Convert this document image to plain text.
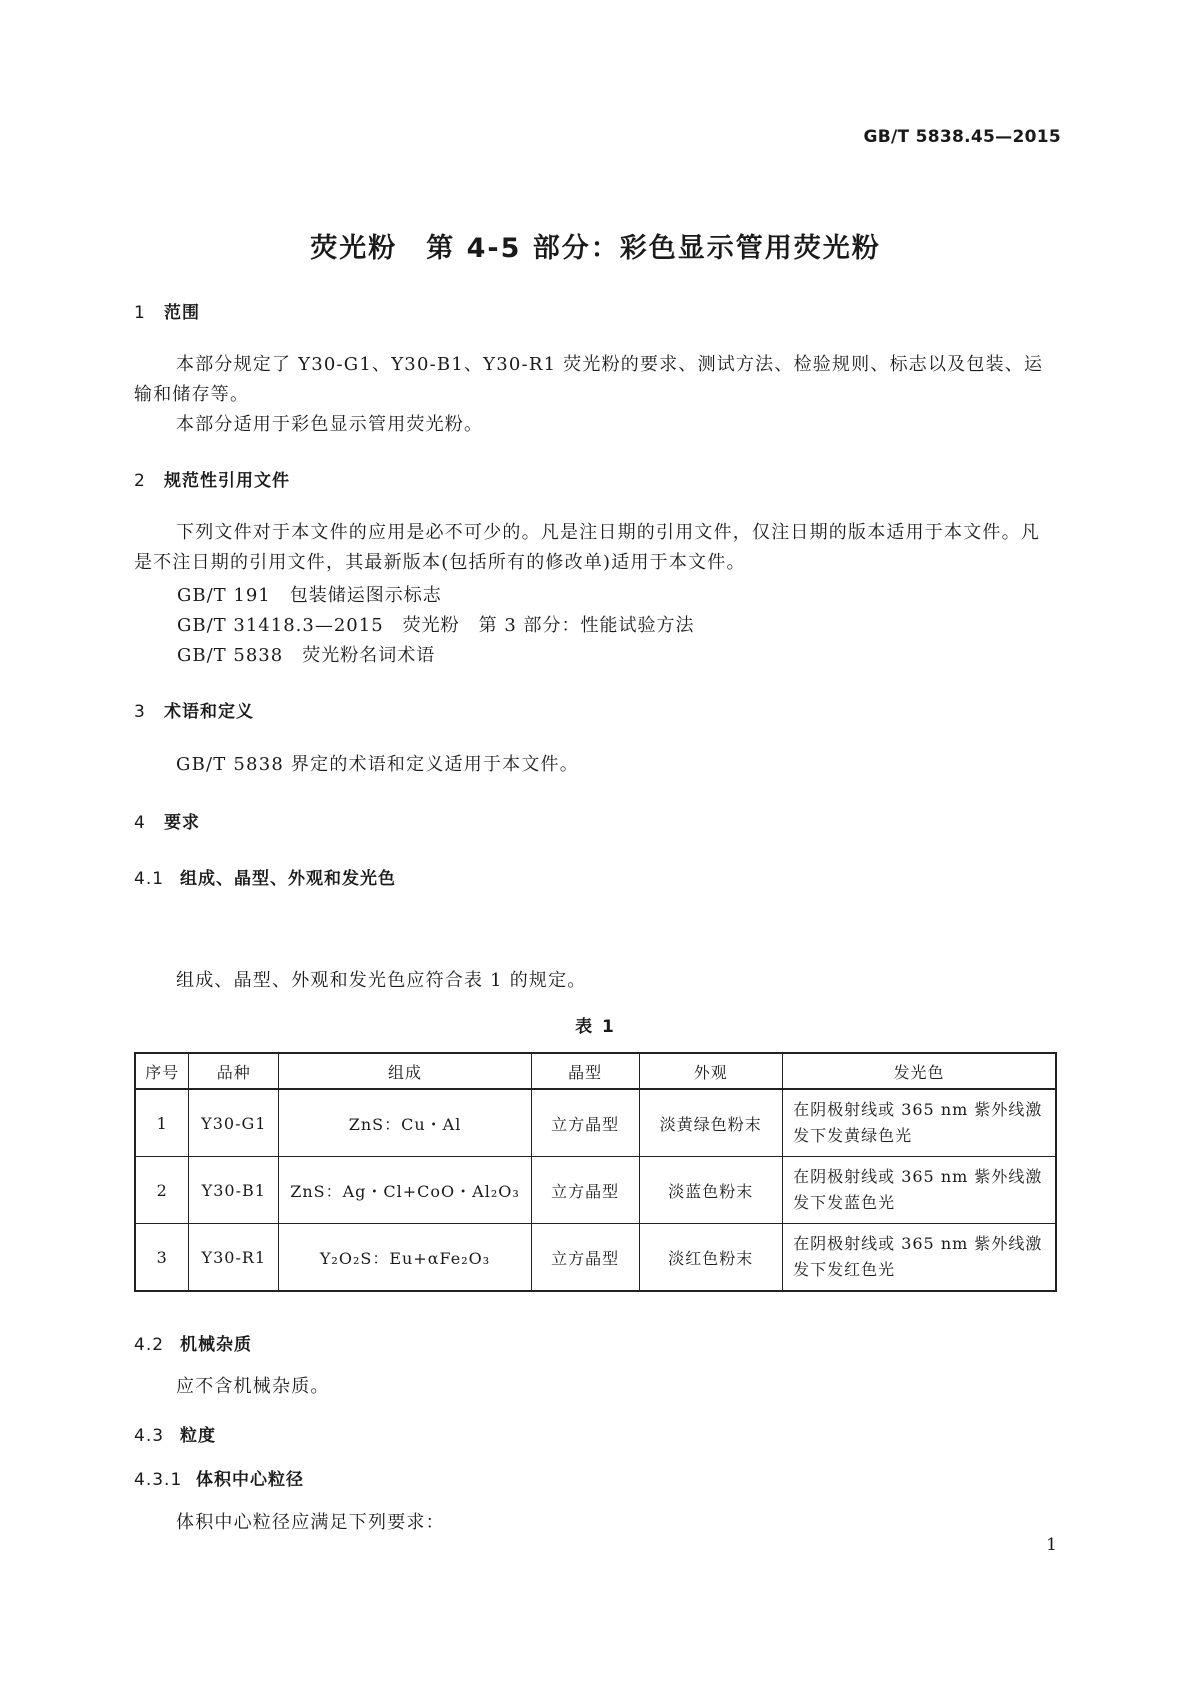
GB/T 5838.45—2015
荧光粉　第 4-5 部分：彩色显示管用荧光粉
1 范围
本部分规定了 Y30-G1、Y30-B1、Y30-R1 荧光粉的要求、测试方法、检验规则、标志以及包装、运输和储存等。
本部分适用于彩色显示管用荧光粉。
2 规范性引用文件
下列文件对于本文件的应用是必不可少的。凡是注日期的引用文件，仅注日期的版本适用于本文件。凡是不注日期的引用文件，其最新版本(包括所有的修改单)适用于本文件。
GB/T 191　包装储运图示标志
GB/T 31418.3—2015　荧光粉　第 3 部分：性能试验方法
GB/T 5838　荧光粉名词术语
3 术语和定义
GB/T 5838 界定的术语和定义适用于本文件。
4 要求
4.1 组成、晶型、外观和发光色
组成、晶型、外观和发光色应符合表 1 的规定。
表 1
序号	品种	组成	晶型	外观	发光色
1	Y30-G1	ZnS：Cu・Al	立方晶型	淡黄绿色粉末	在阴极射线或 365 nm 紫外线激发下发黄绿色光
2	Y30-B1	ZnS：Ag・Cl+CoO・Al₂O₃	立方晶型	淡蓝色粉末	在阴极射线或 365 nm 紫外线激发下发蓝色光
3	Y30-R1	Y₂O₂S：Eu+αFe₂O₃	立方晶型	淡红色粉末	在阴极射线或 365 nm 紫外线激发下发红色光
4.2 机械杂质
应不含机械杂质。
4.3 粒度
4.3.1 体积中心粒径
体积中心粒径应满足下列要求：
1
